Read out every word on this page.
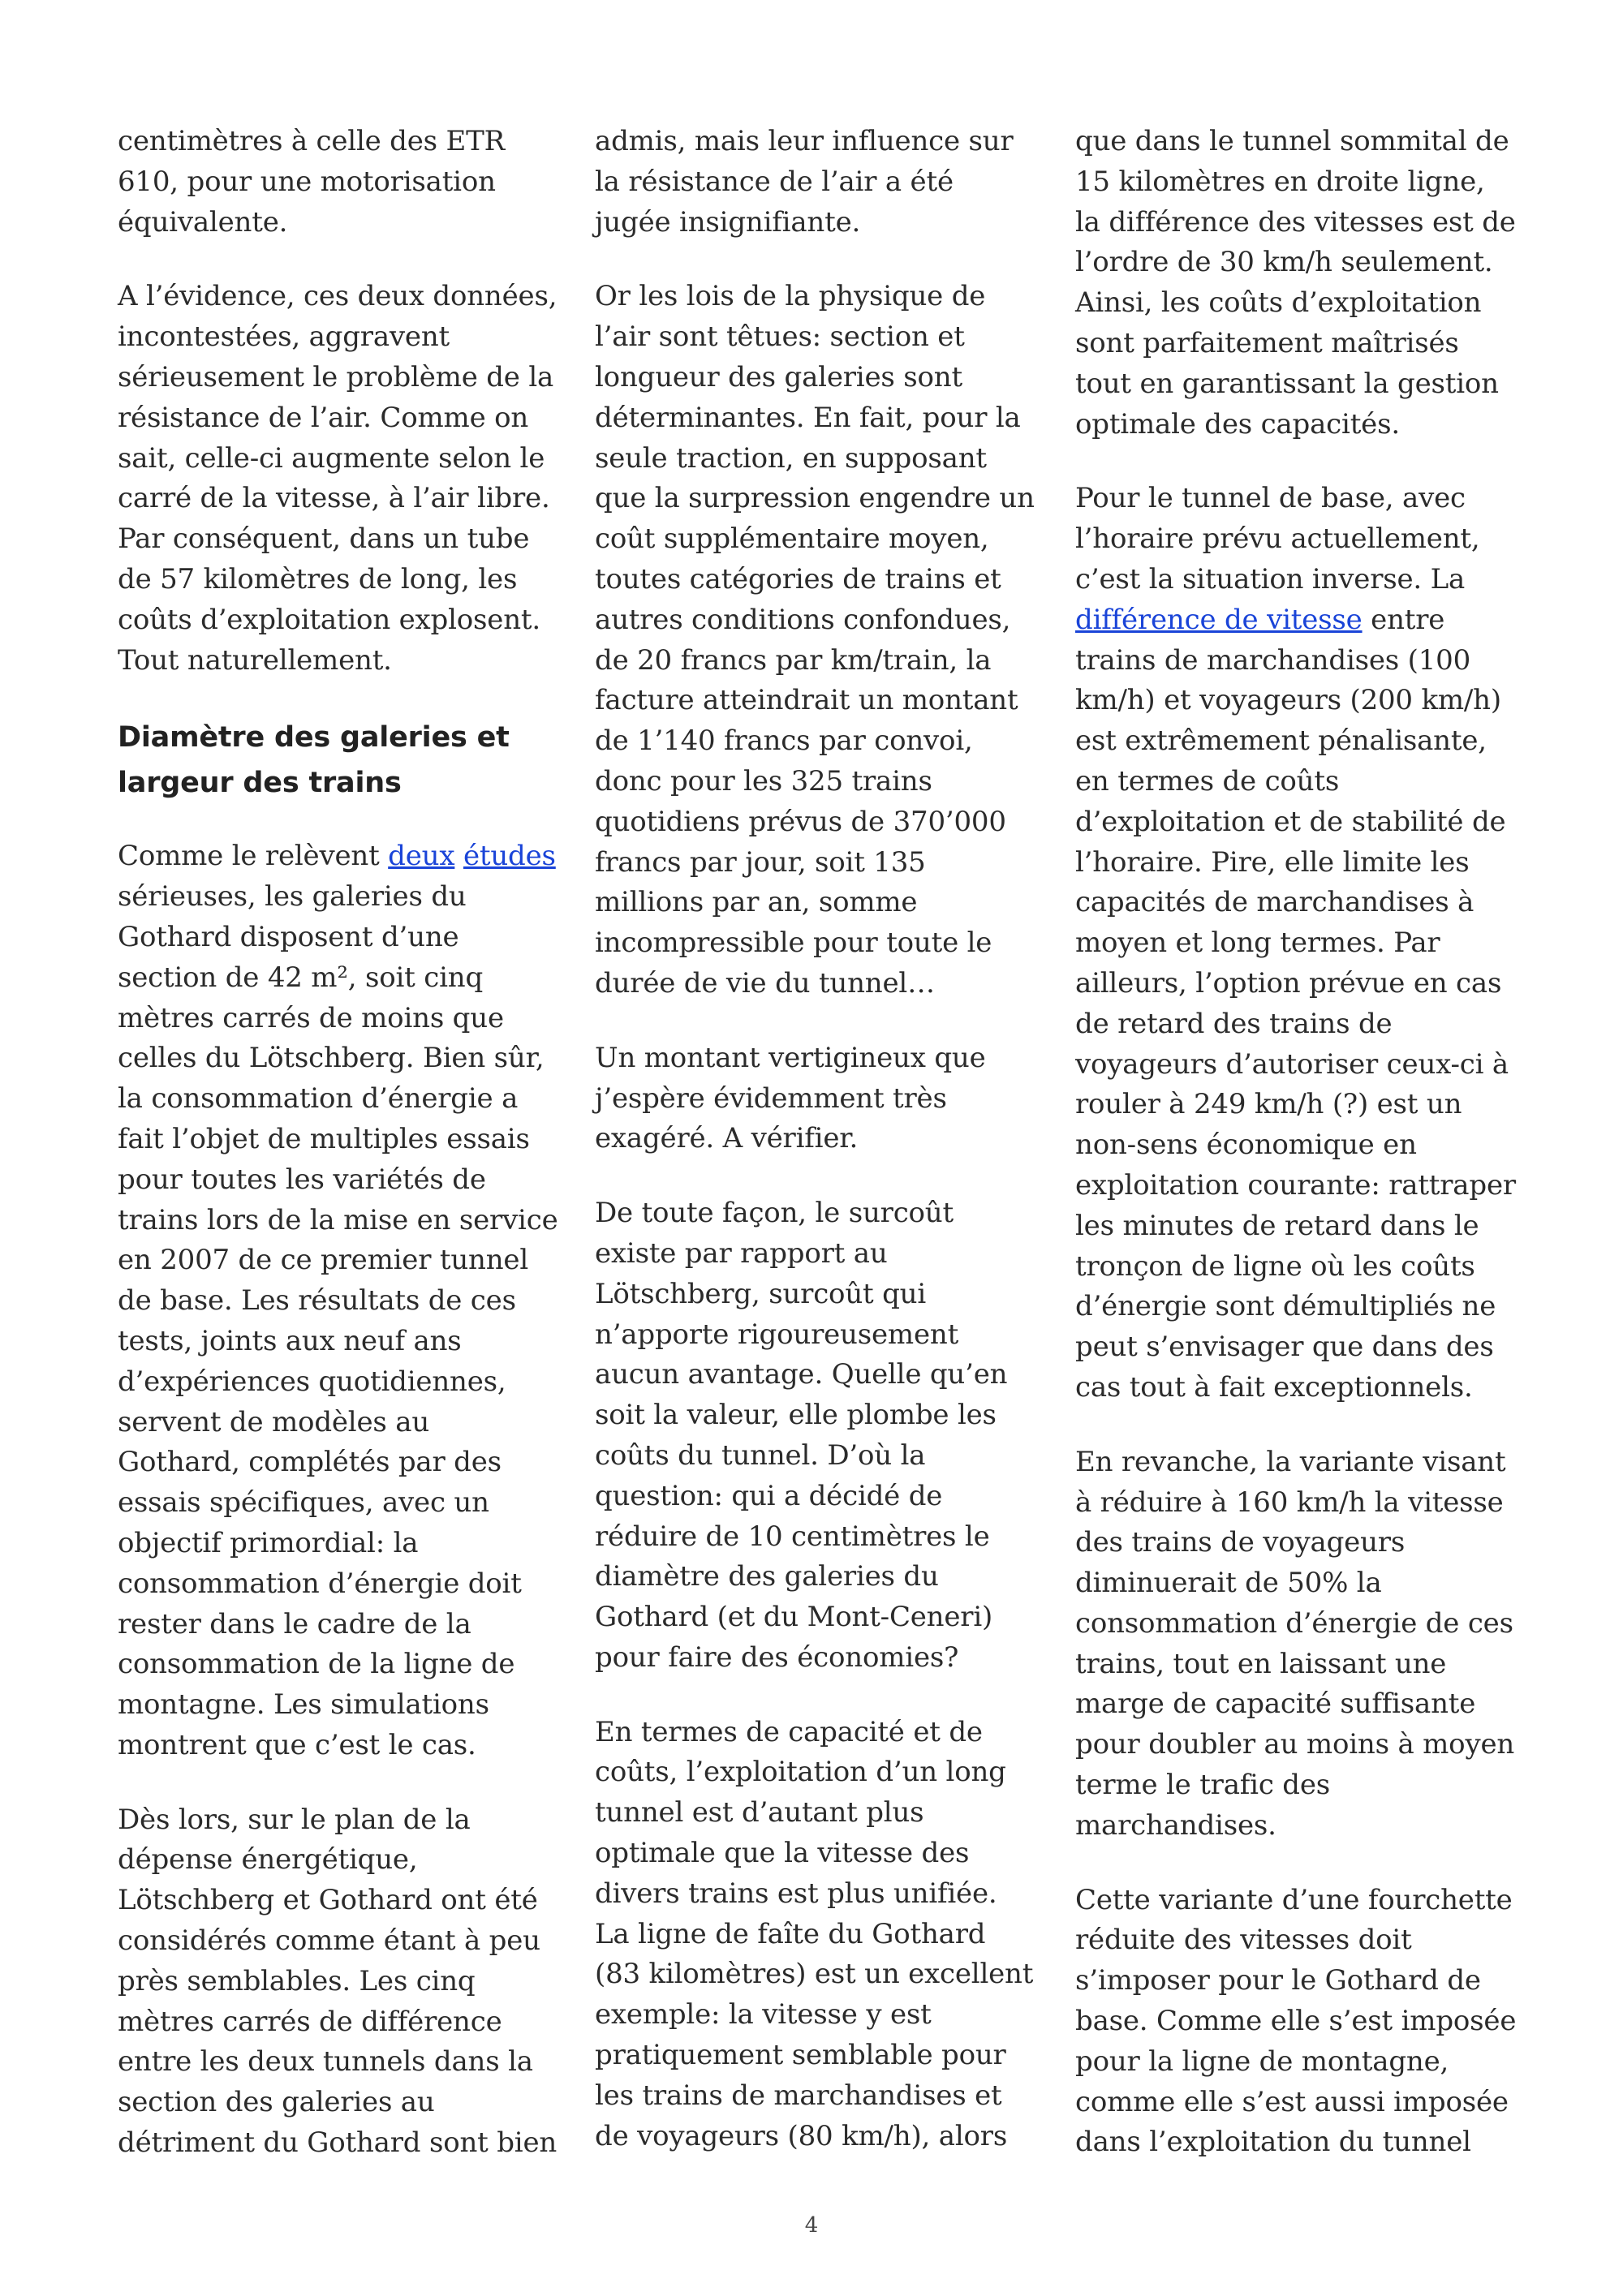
centimètres à celle des ETR 610, pour une motorisation équivalente.

A l’évidence, ces deux données, incontestées, aggravent sérieusement le problème de la résistance de l’air. Comme on sait, celle-ci augmente selon le carré de la vitesse, à l’air libre. Par conséquent, dans un tube de 57 kilomètres de long, les coûts d’exploitation explosent. Tout naturellement.

Diamètre des galeries et largeur des trains

Comme le relèvent deux études sérieuses, les galeries du Gothard disposent d’une section de 42 m², soit cinq mètres carrés de moins que celles du Lötschberg. Bien sûr, la consommation d’énergie a fait l’objet de multiples essais pour toutes les variétés de trains lors de la mise en service en 2007 de ce premier tunnel de base. Les résultats de ces tests, joints aux neuf ans d’expériences quotidiennes, servent de modèles au Gothard, complétés par des essais spécifiques, avec un objectif primordial: la consommation d’énergie doit rester dans le cadre de la consommation de la ligne de montagne. Les simulations montrent que c’est le cas.

Dès lors, sur le plan de la dépense énergétique, Lötschberg et Gothard ont été considérés comme étant à peu près semblables. Les cinq mètres carrés de différence entre les deux tunnels dans la section des galeries au détriment du Gothard sont bien

admis, mais leur influence sur la résistance de l’air a été jugée insignifiante.

Or les lois de la physique de l’air sont têtues: section et longueur des galeries sont déterminantes. En fait, pour la seule traction, en supposant que la surpression engendre un coût supplémentaire moyen, toutes catégories de trains et autres conditions confondues, de 20 francs par km/train, la facture atteindrait un montant de 1’140 francs par convoi, donc pour les 325 trains quotidiens prévus de 370’000 francs par jour, soit 135 millions par an, somme incompressible pour toute le durée de vie du tunnel…

Un montant vertigineux que j’espère évidemment très exagéré. A vérifier.

De toute façon, le surcoût existe par rapport au Lötschberg, surcoût qui n’apporte rigoureusement aucun avantage. Quelle qu’en soit la valeur, elle plombe les coûts du tunnel. D’où la question: qui a décidé de réduire de 10 centimètres le diamètre des galeries du Gothard (et du Mont-Ceneri) pour faire des économies?

En termes de capacité et de coûts, l’exploitation d’un long tunnel est d’autant plus optimale que la vitesse des divers trains est plus unifiée. La ligne de faîte du Gothard (83 kilomètres) est un excellent exemple: la vitesse y est pratiquement semblable pour les trains de marchandises et de voyageurs (80 km/h), alors

que dans le tunnel sommital de 15 kilomètres en droite ligne, la différence des vitesses est de l’ordre de 30 km/h seulement. Ainsi, les coûts d’exploitation sont parfaitement maîtrisés tout en garantissant la gestion optimale des capacités.

Pour le tunnel de base, avec l’horaire prévu actuellement, c’est la situation inverse. La différence de vitesse entre trains de marchandises (100 km/h) et voyageurs (200 km/h) est extrêmement pénalisante, en termes de coûts d’exploitation et de stabilité de l’horaire. Pire, elle limite les capacités de marchandises à moyen et long termes. Par ailleurs, l’option prévue en cas de retard des trains de voyageurs d’autoriser ceux-ci à rouler à 249 km/h (?) est un non-sens économique en exploitation courante: rattraper les minutes de retard dans le tronçon de ligne où les coûts d’énergie sont démultipliés ne peut s’envisager que dans des cas tout à fait exceptionnels.

En revanche, la variante visant à réduire à 160 km/h la vitesse des trains de voyageurs diminuerait de 50% la consommation d’énergie de ces trains, tout en laissant une marge de capacité suffisante pour doubler au moins à moyen terme le trafic des marchandises.

Cette variante d’une fourchette réduite des vitesses doit s’imposer pour le Gothard de base. Comme elle s’est imposée pour la ligne de montagne, comme elle s’est aussi imposée dans l’exploitation du tunnel

4
